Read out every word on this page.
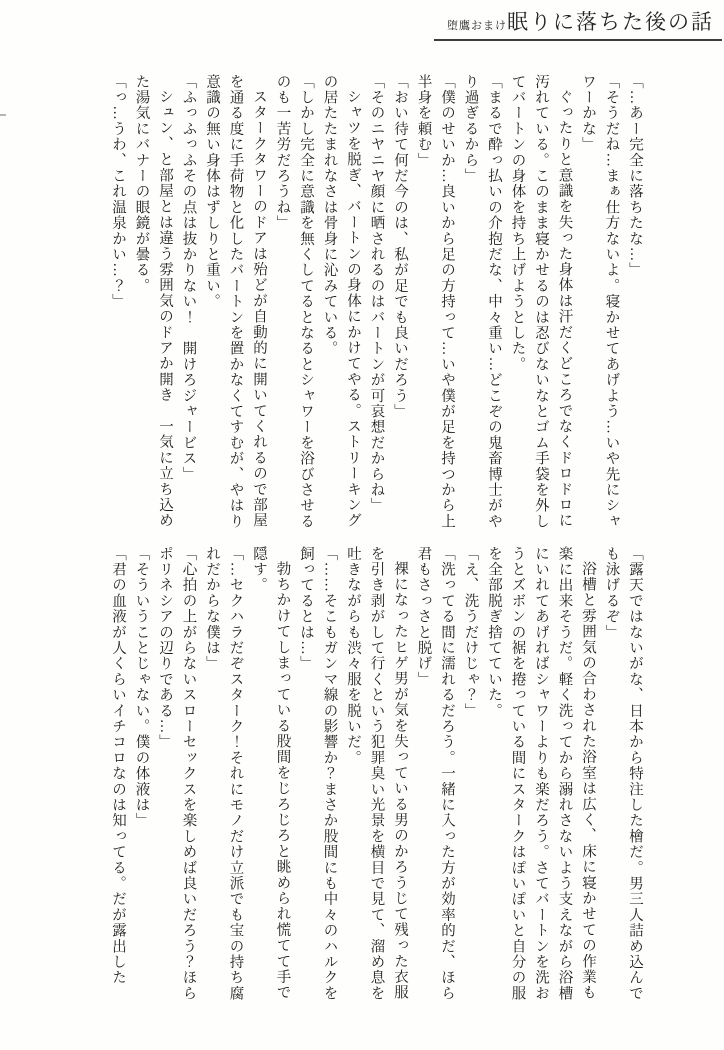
堕鷹おまけ眠りに落ちた後の話

「…あー完全に落ちたな…」

「そうだね…まぁ仕方ないよ。寝かせてあげよう…いや先にシャワーかな」

ぐったりと意識を失った身体は汗だくどころでなくドロドロに汚れている。このまま寝かせるのは忍びないなとゴム手袋を外してバートンの身体を持ち上げようとした。

「まるで酔っ払いの介抱だな、中々重い…どこぞの鬼畜博士がやり過ぎるから」

「僕のせいか…良いから足の方持って…いや僕が足を持つから上半身を頼む」

「おい待て何だ今のは、私が足でも良いだろう」

「そのニヤニヤ顔に晒されるのはバートンが可哀想だからね」

シャツを脱ぎ、バートンの身体にかけてやる。ストリーキングの居たたまれなさは骨身に沁みている。

「しかし完全に意識を無くしてるとなるとシャワーを浴びさせるのも一苦労だろうね」

スタークタワーのドアは殆どが自動的に開いてくれるので部屋を通る度に手荷物と化したバートンを置かなくてすむが、やはり意識の無い身体はずしりと重い。

「ふっふっふその点は抜かりない！　開けろジャービス」

シュン、と部屋とは違う雰囲気のドアか開き　一気に立ち込めた湯気にバナーの眼鏡が曇る。

「っ…うわ、これ温泉かい…？」

「露天ではないがな、日本から特注した檜だ。男三人詰め込んでも泳げるぞ」

浴槽と雰囲気の合わされた浴室は広く、床に寝かせての作業も楽に出来そうだ。軽く洗ってから溺れさないよう支えながら浴槽にいれてあげればシャワーよりも楽だろう。さてバートンを洗おうとズボンの裾を捲っている間にスタークはぽいぽいと自分の服を全部脱ぎ捨てていた。

「え、洗うだけじゃ？」

「洗ってる間に濡れるだろう。一緒に入った方が効率的だ、ほら君もさっさと脱げ」

裸になったヒゲ男が気を失っている男のかろうじて残った衣服を引き剥がして行くという犯罪臭い光景を横目で見て、溜め息を吐きながらも渋々服を脱いだ。

「……そこもガンマ線の影響か？まさか股間にも中々のハルクを飼ってるとは…」

勃ちかけてしまっている股間をじろじろと眺められ慌てて手で隠す。

「…セクハラだぞスターク！それにモノだけ立派でも宝の持ち腐れだからな僕は」

「心拍の上がらないスローセックスを楽しめば良いだろう？ほらポリネシアの辺りである…」

「そういうことじゃない。僕の体液は」

「君の血液が人くらいイチコロなのは知ってる。だが露出した
